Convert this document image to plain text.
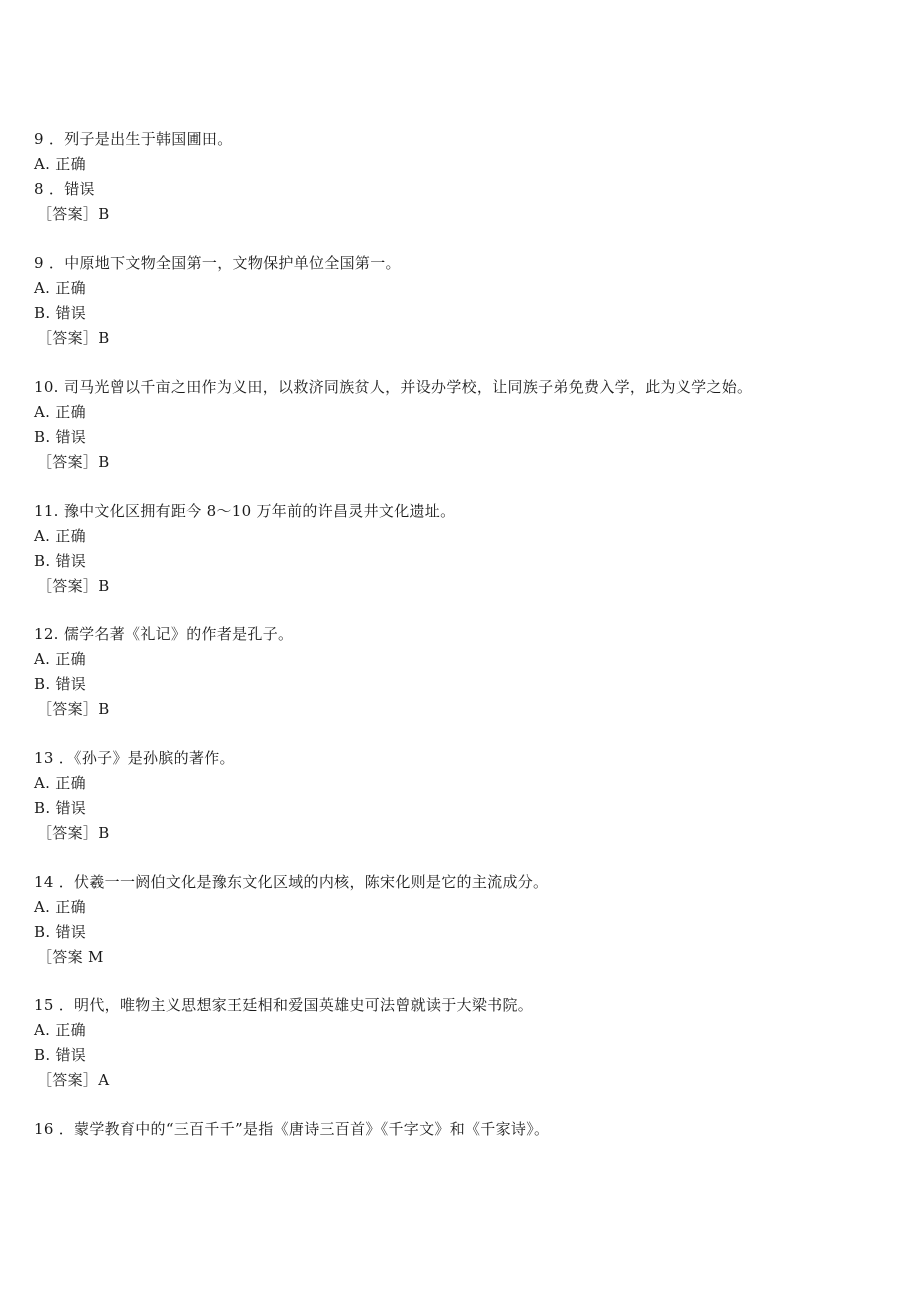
9 ．列子是出生于韩国圃田。
A. 正确
8 ．错误
［答案］B
9 ．中原地下文物全国第一，文物保护单位全国第一。
A. 正确
B. 错误
［答案］B
10. 司马光曾以千亩之田作为义田，以救济同族贫人，并设办学校，让同族子弟免费入学，此为义学之始。
A. 正确
B. 错误
［答案］B
11. 豫中文化区拥有距今 8～10 万年前的许昌灵井文化遗址。
A. 正确
B. 错误
［答案］B
12. 儒学名著《礼记》的作者是孔子。
A. 正确
B. 错误
［答案］B
13 ．《孙子》是孙膑的著作。
A. 正确
B. 错误
［答案］B
14 ．伏羲一一阏伯文化是豫东文化区域的内核，陈宋化则是它的主流成分。
A. 正确
B. 错误
［答案 M
15 ．明代，唯物主义思想家王廷相和爱国英雄史可法曾就读于大梁书院。
A. 正确
B. 错误
［答案］A
16 ．蒙学教育中的“三百千千”是指《唐诗三百首》《千字文》和《千家诗》。
